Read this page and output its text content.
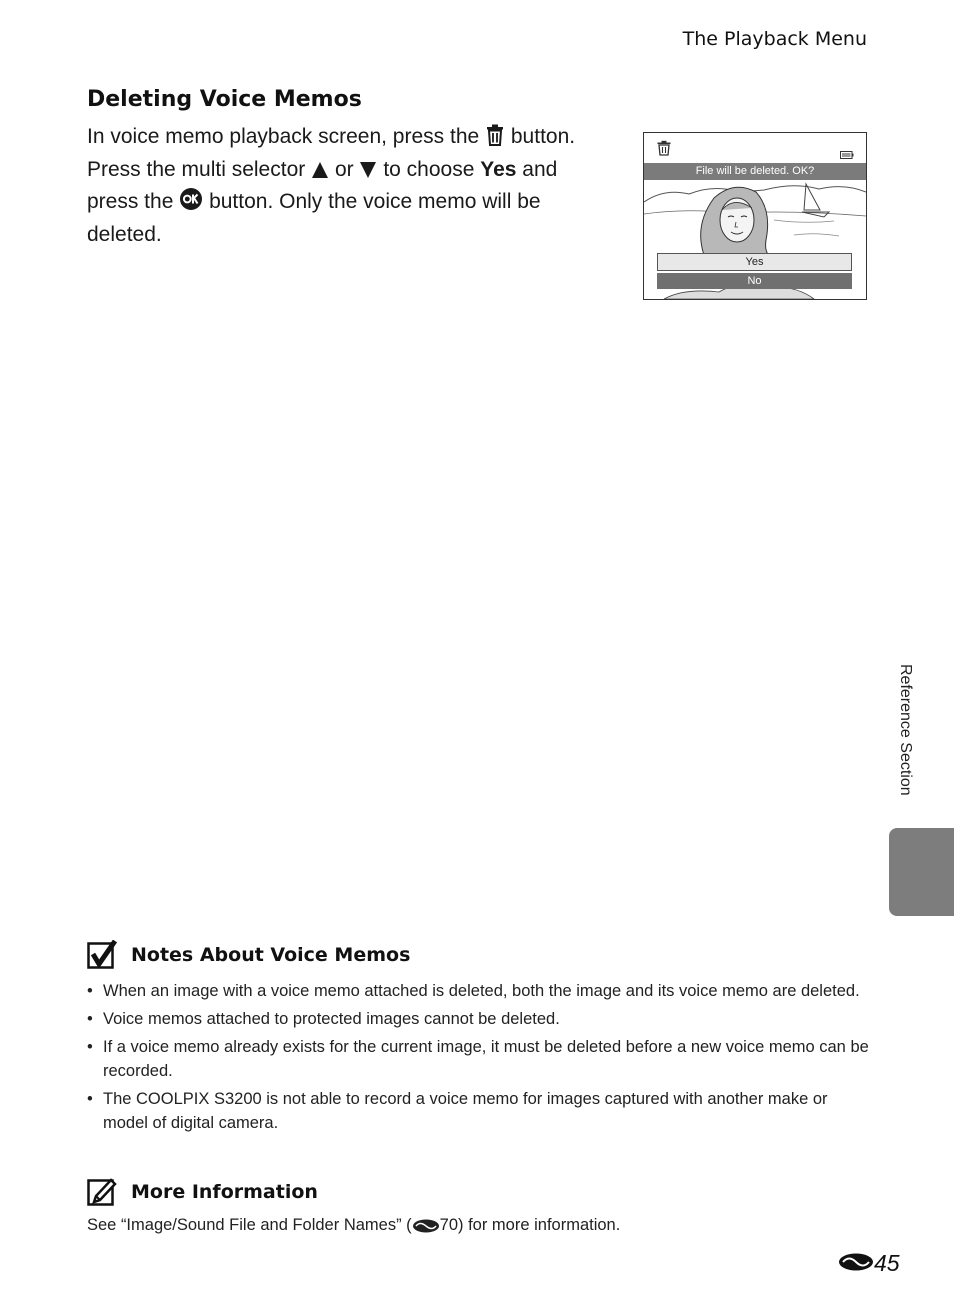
The Playback Menu
Deleting Voice Memos
In voice memo playback screen, press the button. Press the multi selector or to choose Yes and press the button. Only the voice memo will be deleted.
File will be deleted. OK?
Yes
No
Reference Section
Notes About Voice Memos
• When an image with a voice memo attached is deleted, both the image and its voice memo are deleted.
• Voice memos attached to protected images cannot be deleted.
• If a voice memo already exists for the current image, it must be deleted before a new voice memo can be recorded.
• The COOLPIX S3200 is not able to record a voice memo for images captured with another make or model of digital camera.
More Information
See “Image/Sound File and Folder Names” ( 70) for more information.
45
